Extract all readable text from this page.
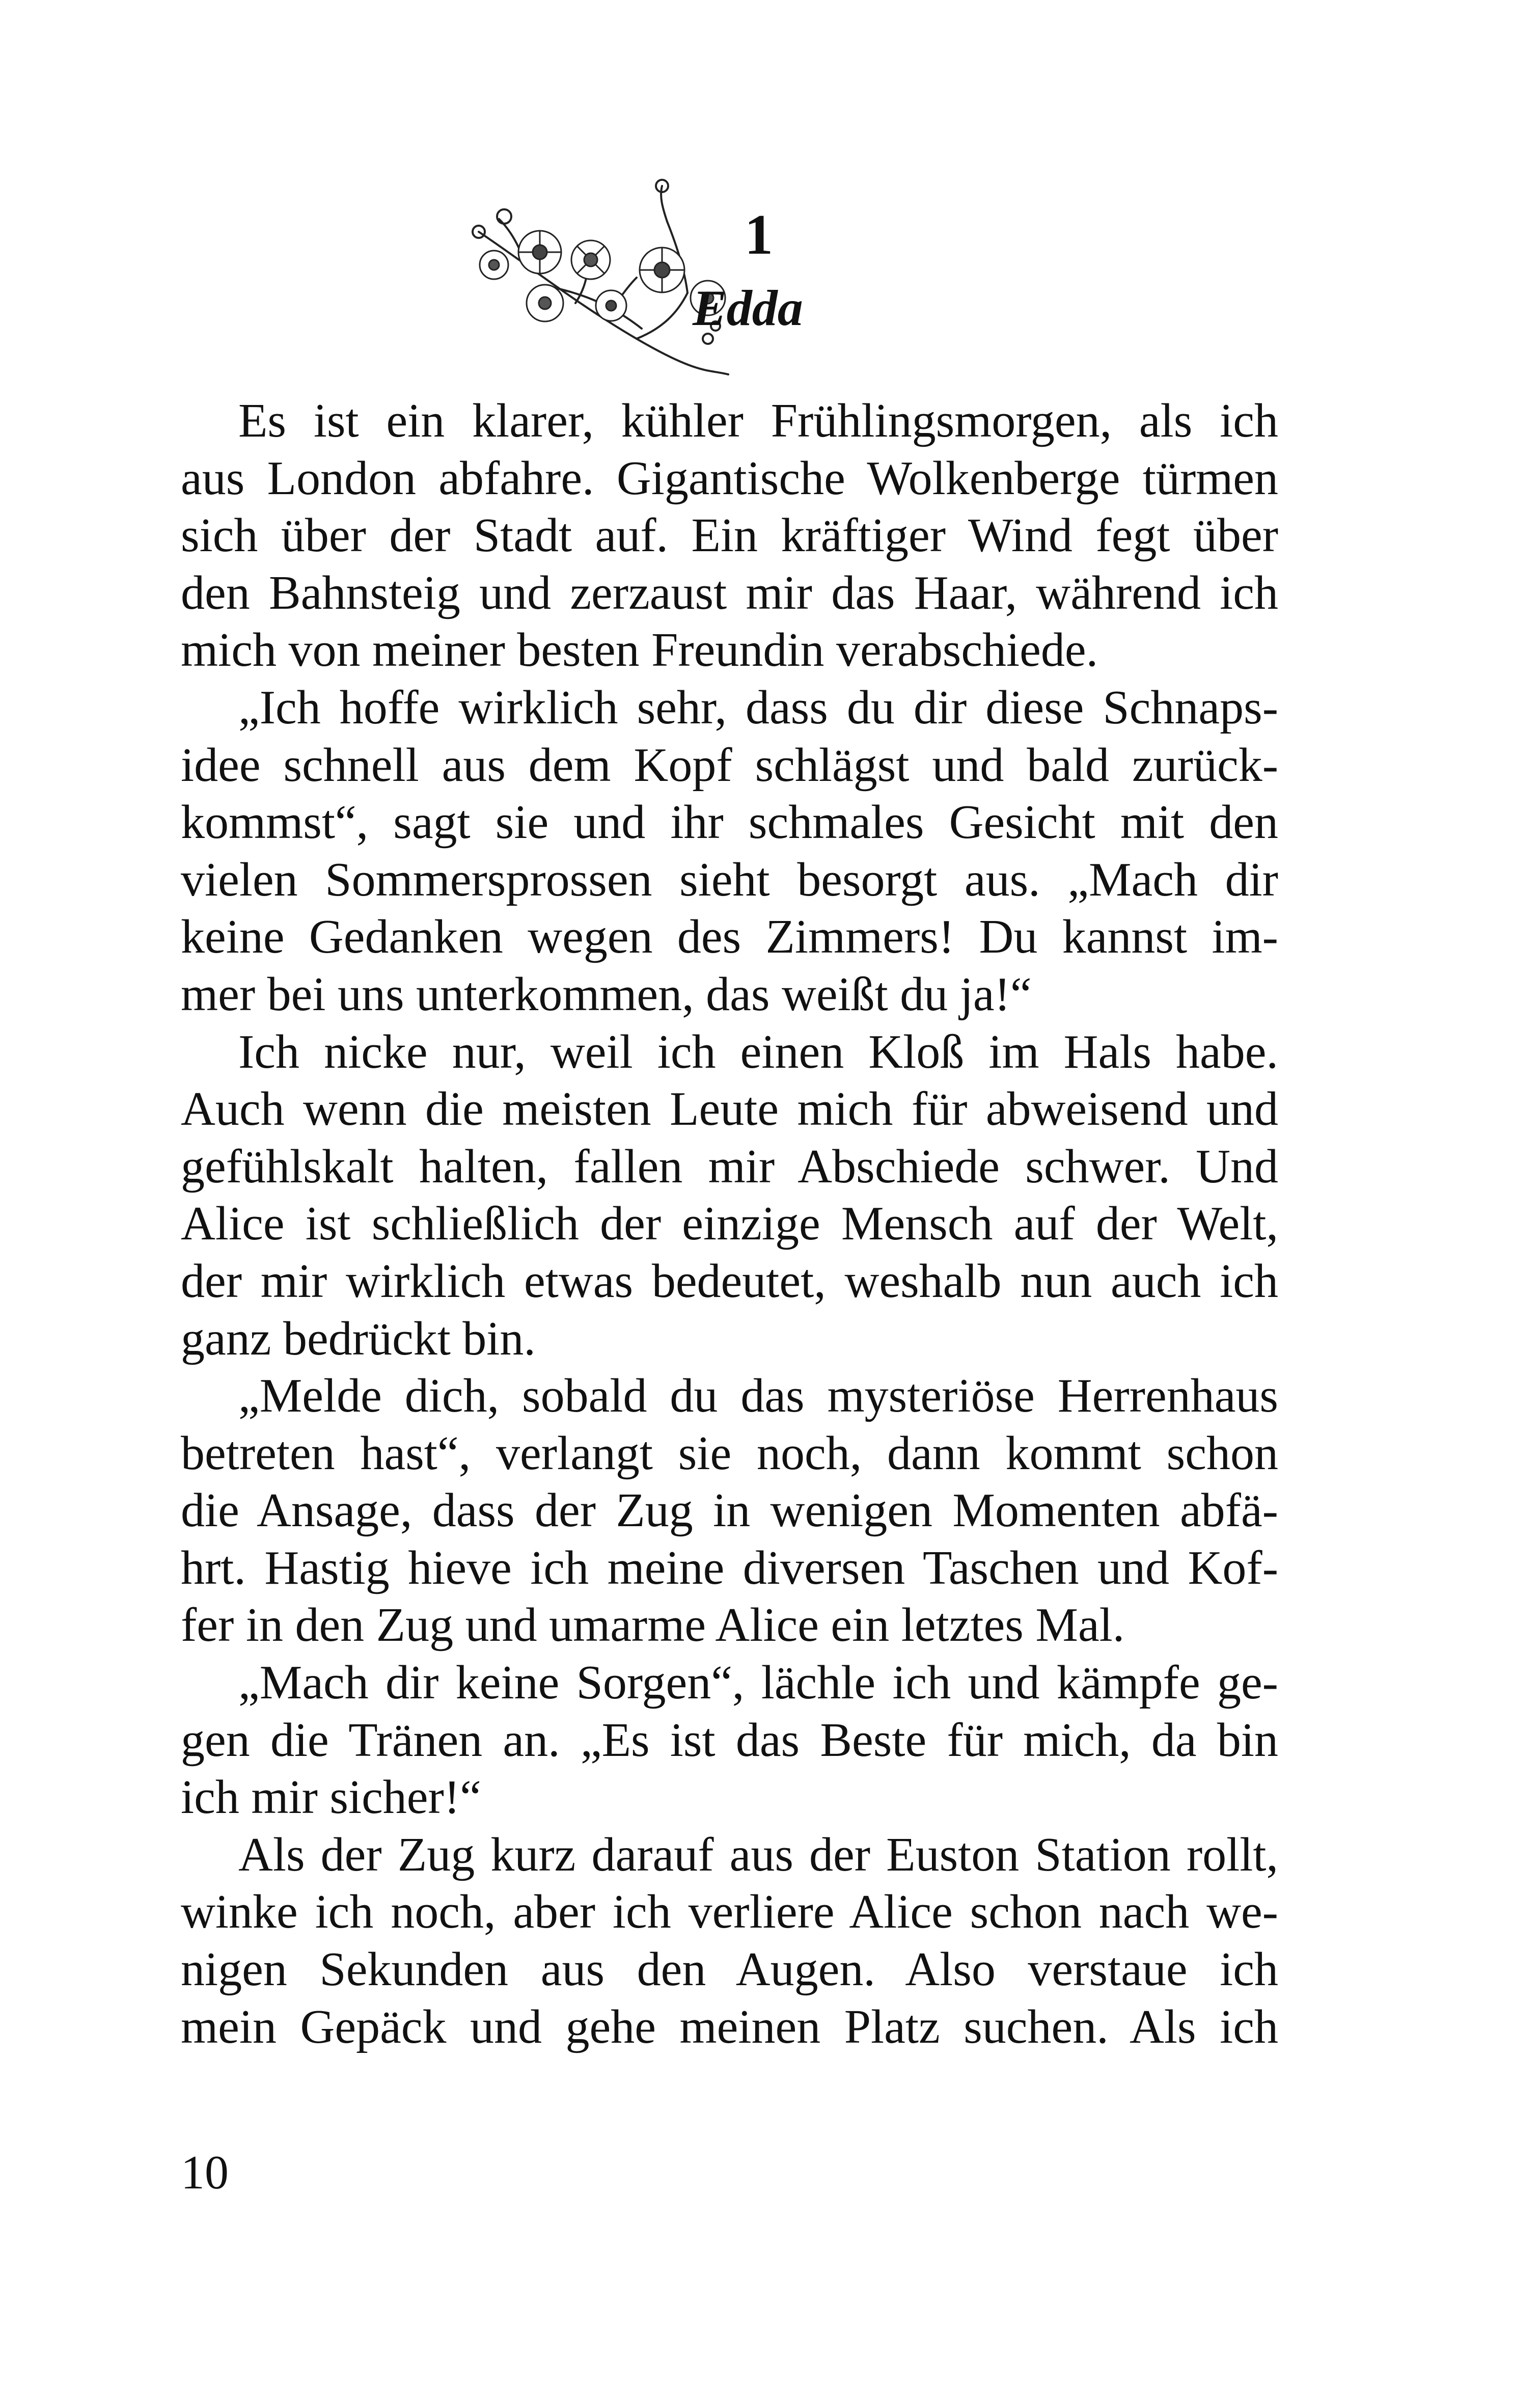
1
Edda
Es ist ein klarer, kühler Frühlingsmorgen, als ich
aus London abfahre. Gigantische Wolkenberge türmen
sich über der Stadt auf. Ein kräftiger Wind fegt über
den Bahnsteig und zerzaust mir das Haar, während ich
mich von meiner besten Freundin verabschiede.
„Ich hoffe wirklich sehr, dass du dir diese Schnaps-
idee schnell aus dem Kopf schlägst und bald zurück-
kommst“, sagt sie und ihr schmales Gesicht mit den
vielen Sommersprossen sieht besorgt aus. „Mach dir
keine Gedanken wegen des Zimmers! Du kannst im-
mer bei uns unterkommen, das weißt du ja!“
Ich nicke nur, weil ich einen Kloß im Hals habe.
Auch wenn die meisten Leute mich für abweisend und
gefühlskalt halten, fallen mir Abschiede schwer. Und
Alice ist schließlich der einzige Mensch auf der Welt,
der mir wirklich etwas bedeutet, weshalb nun auch ich
ganz bedrückt bin.
„Melde dich, sobald du das mysteriöse Herrenhaus
betreten hast“, verlangt sie noch, dann kommt schon
die Ansage, dass der Zug in wenigen Momenten abfä-
hrt. Hastig hieve ich meine diversen Taschen und Kof-
fer in den Zug und umarme Alice ein letztes Mal.
„Mach dir keine Sorgen“, lächle ich und kämpfe ge-
gen die Tränen an. „Es ist das Beste für mich, da bin
ich mir sicher!“
Als der Zug kurz darauf aus der Euston Station rollt,
winke ich noch, aber ich verliere Alice schon nach we-
nigen Sekunden aus den Augen. Also verstaue ich
mein Gepäck und gehe meinen Platz suchen. Als ich
10
